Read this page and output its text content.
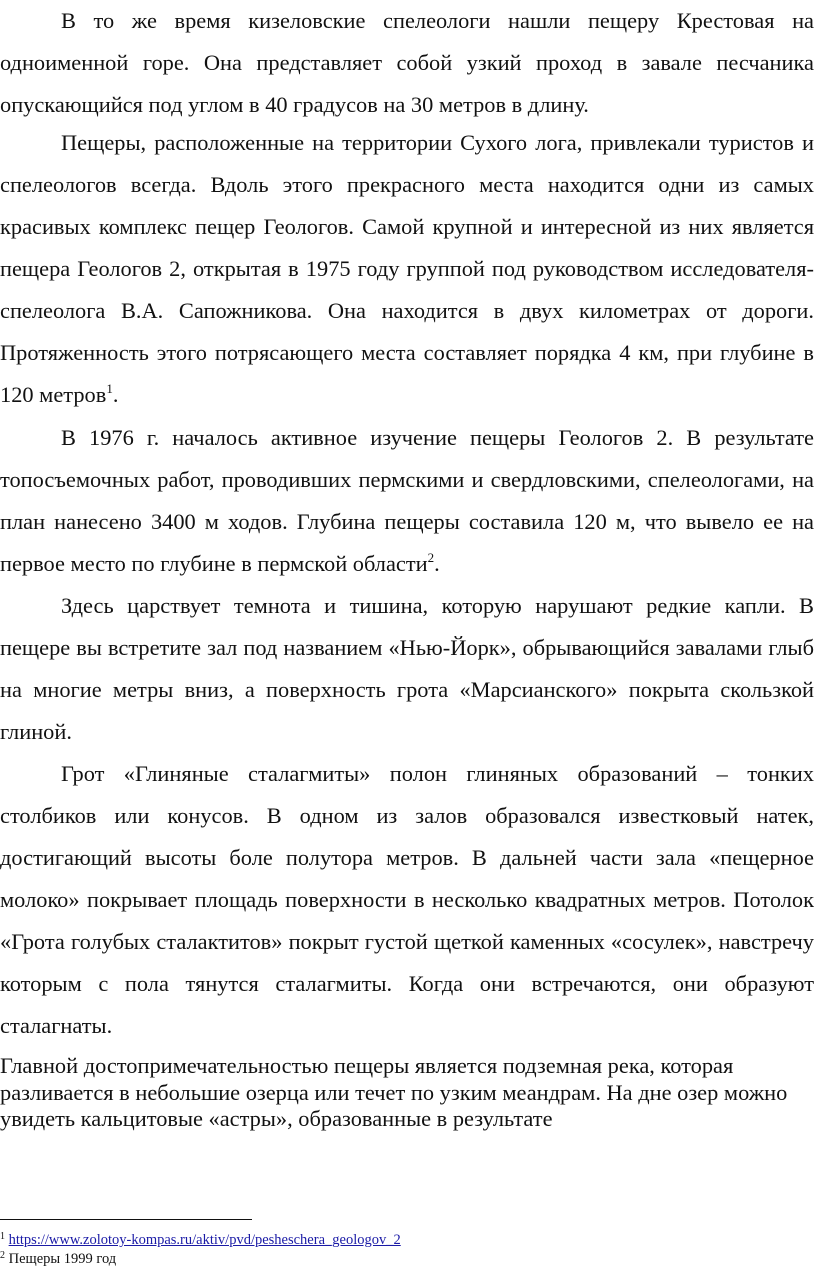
В то же время кизеловские спелеологи нашли пещеру Крестовая на одноименной горе. Она представляет собой узкий проход в завале песчаника опускающийся под углом в 40 градусов на 30 метров в длину.

Пещеры, расположенные на территории Сухого лога, привлекали туристов и спелеологов всегда. Вдоль этого прекрасного места находится одни из самых красивых комплекс пещер Геологов. Самой крупной и интересной из них является пещера Геологов 2, открытая в 1975 году группой под руководством исследователя-спелеолога В.А. Сапожникова. Она находится в двух километрах от дороги. Протяженность этого потрясающего места составляет порядка 4 км, при глубине в 120 метров$^1$.

В 1976 г. началось активное изучение пещеры Геологов 2. В результате топосъемочных работ, проводивших пермскими и свердловскими, спелеологами, на план нанесено 3400 м ходов. Глубина пещеры составила 120 м, что вывело ее на первое место по глубине в пермской области$^2$.

Здесь царствует темнота и тишина, которую нарушают редкие капли. В пещере вы встретите зал под названием «Нью-Йорк», обрывающийся завалами глыб на многие метры вниз, а поверхность грота «Марсианского» покрыта скользкой глиной.

Грот «Глиняные сталагмиты» полон глиняных образований – тонких столбиков или конусов. В одном из залов образовался известковый натек, достигающий высоты боле полутора метров. В дальней части зала «пещерное молоко» покрывает площадь поверхности в несколько квадратных метров. Потолок «Грота голубых сталактитов» покрыт густой щеткой каменных «сосулек», навстречу которым с пола тянутся сталагмиты. Когда они встречаются, они образуют сталагнаты.

Главной достопримечательностью пещеры является подземная река, которая разливается в небольшие озерца или течет по узким меандрам. На дне озер можно увидеть кальцитовые «астры», образованные в результате

$^1$ https://www.zolotoy-kompas.ru/aktiv/pvd/pesheschera_geologov_2

$^2$ Пещеры 1999 год
